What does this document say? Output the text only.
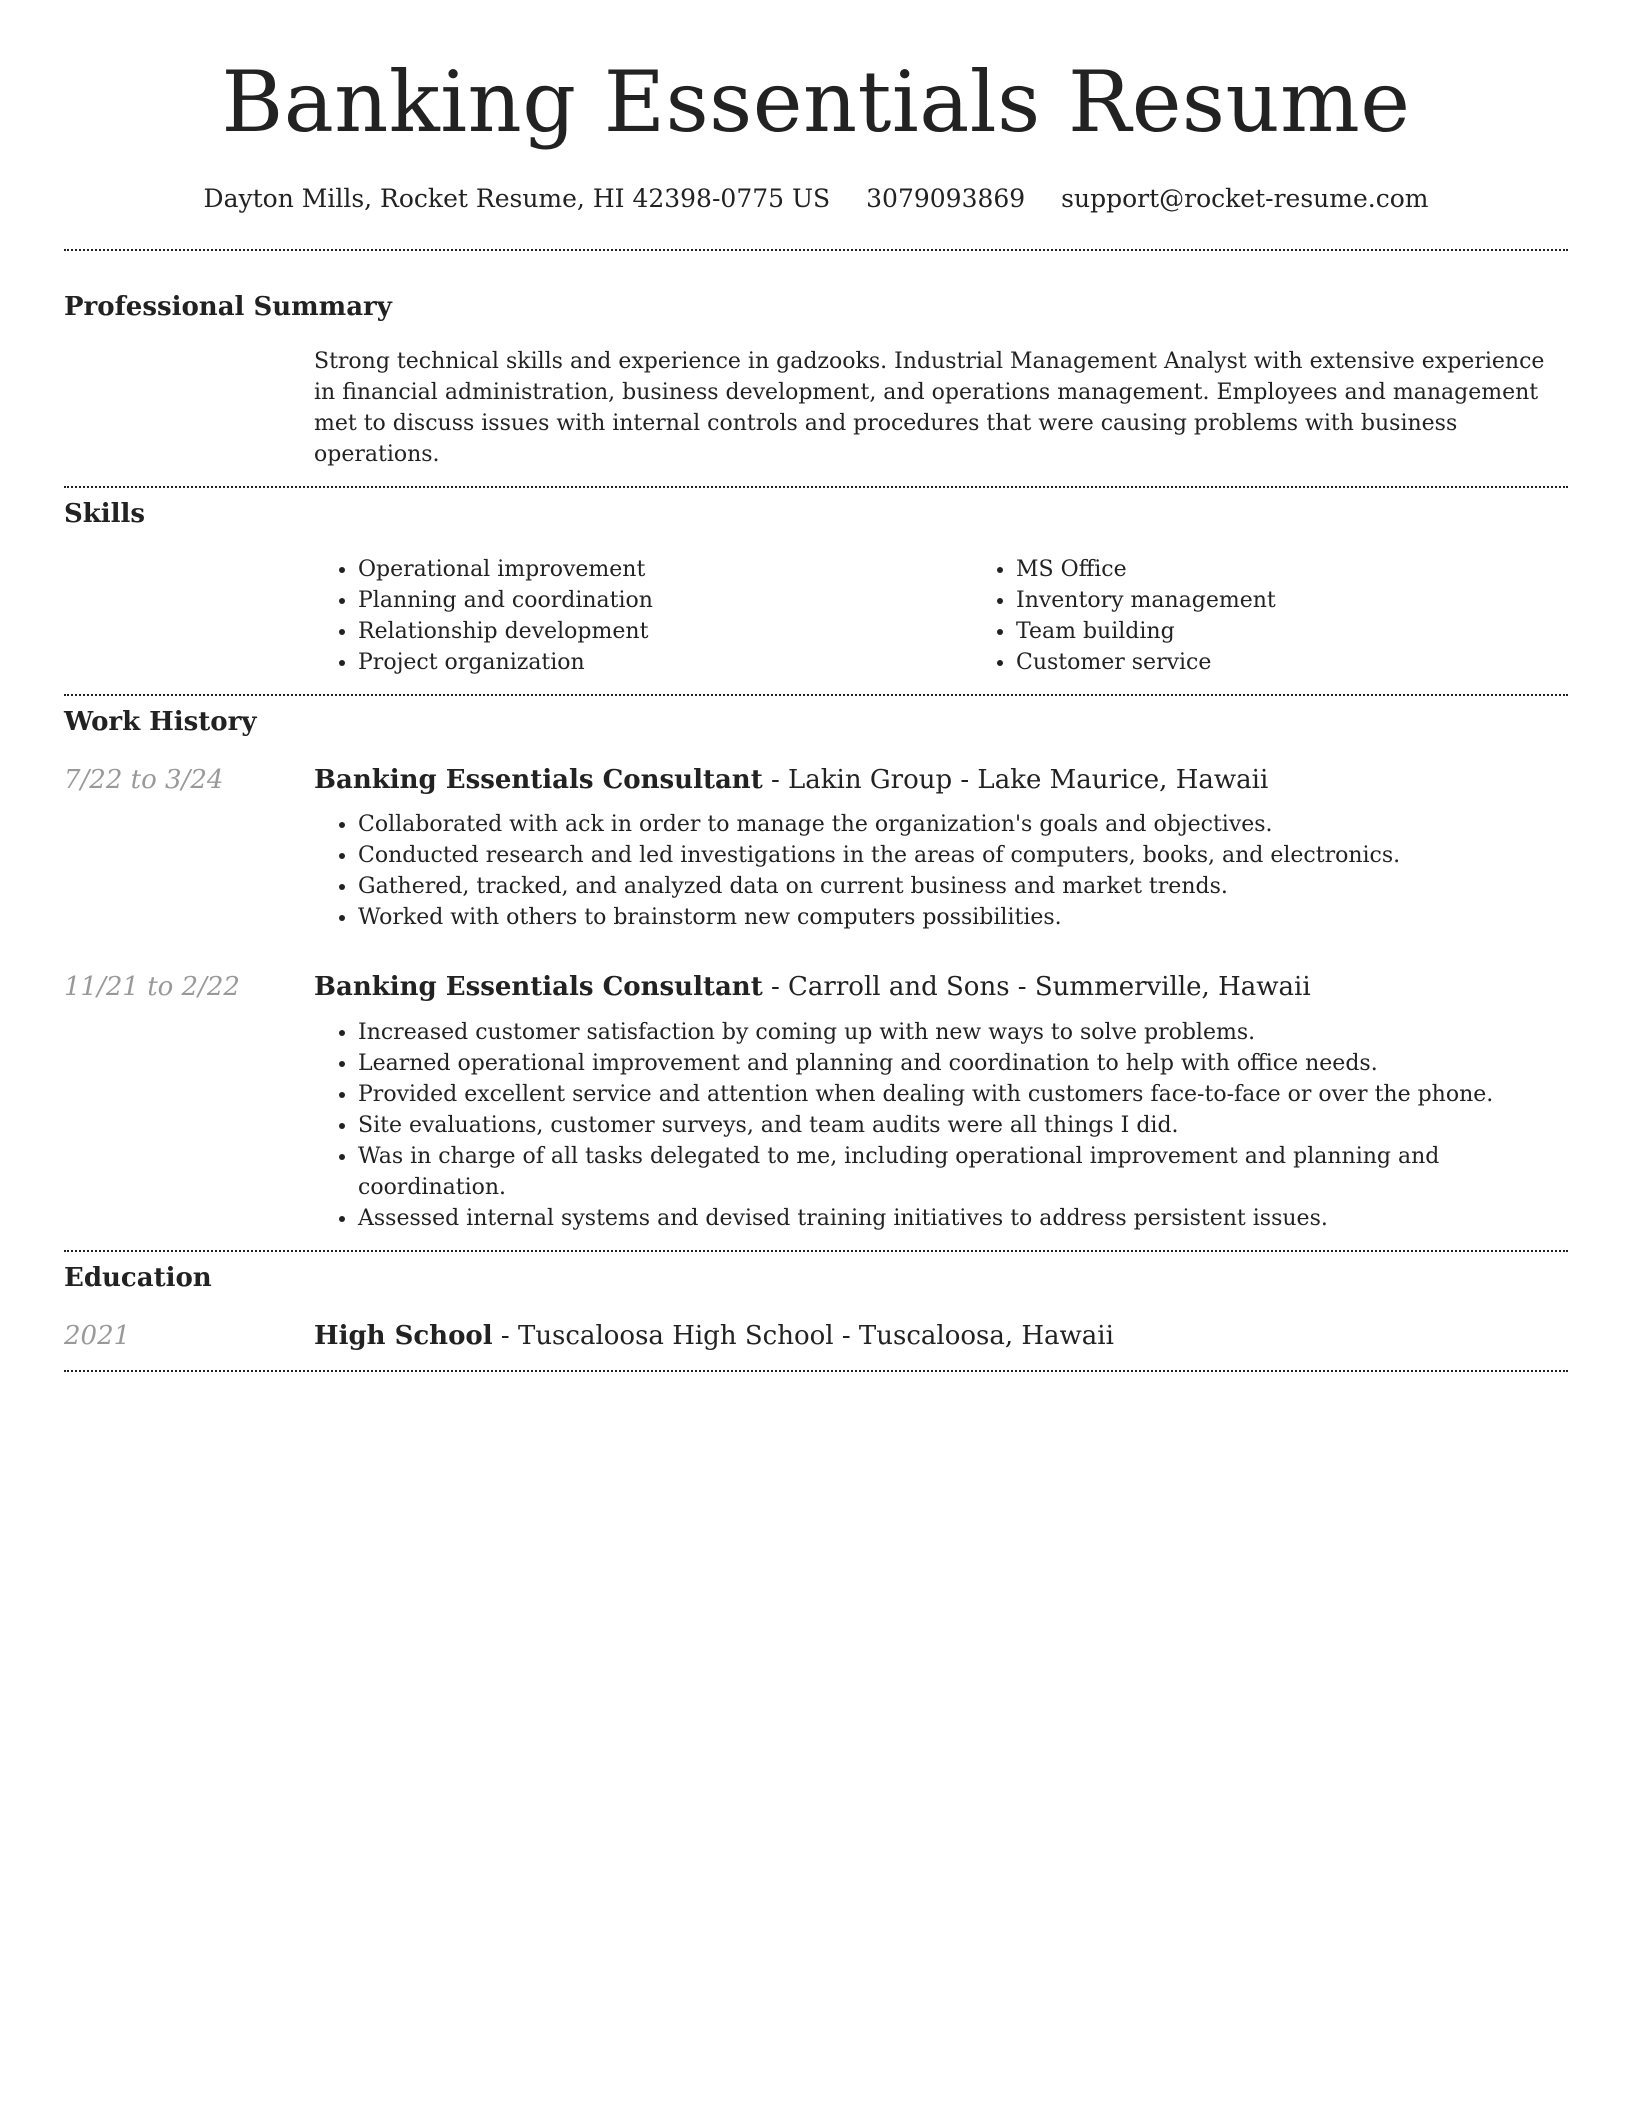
Banking Essentials Resume
Dayton Mills, Rocket Resume, HI 42398-0775 US 3079093869 support@rocket-resume.com
Professional Summary

Strong technical skills and experience in gadzooks. Industrial Management Analyst with extensive experience in financial administration, business development, and operations management. Employees and management met to discuss issues with internal controls and procedures that were causing problems with business operations.

Skills
• Operational improvement
• Planning and coordination
• Relationship development
• Project organization
• MS Office
• Inventory management
• Team building
• Customer service
Work History
7/22 to 3/24	Banking Essentials Consultant - Lakin Group - Lake Maurice, Hawaii
• Collaborated with ack in order to manage the organization's goals and objectives.
• Conducted research and led investigations in the areas of computers, books, and electronics.
• Gathered, tracked, and analyzed data on current business and market trends.
• Worked with others to brainstorm new computers possibilities.
11/21 to 2/22	Banking Essentials Consultant - Carroll and Sons - Summerville, Hawaii
• Increased customer satisfaction by coming up with new ways to solve problems.
• Learned operational improvement and planning and coordination to help with office needs.
• Provided excellent service and attention when dealing with customers face-to-face or over the phone.
• Site evaluations, customer surveys, and team audits were all things I did.
• Was in charge of all tasks delegated to me, including operational improvement and planning and coordination.
• Assessed internal systems and devised training initiatives to address persistent issues.
Education
2021	High School - Tuscaloosa High School - Tuscaloosa, Hawaii
